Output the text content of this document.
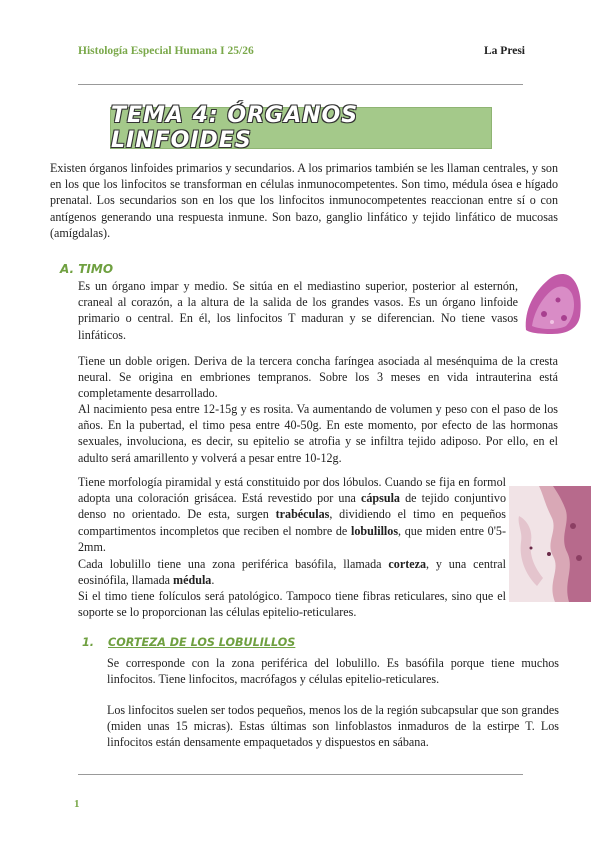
Histología Especial Humana I 25/26	La Presi
TEMA 4: ÓRGANOS LINFOIDES

Existen órganos linfoides primarios y secundarios. A los primarios también se les llaman centrales, y son en los que los linfocitos se transforman en células inmunocompetentes. Son timo, médula ósea e hígado prenatal. Los secundarios son en los que los linfocitos inmunocompetentes reaccionan entre sí o con antígenos generando una respuesta inmune. Son bazo, ganglio linfático y tejido linfático de mucosas (amígdalas).

A. TIMO

Es un órgano impar y medio. Se sitúa en el mediastino superior, posterior al esternón, craneal al corazón, a la altura de la salida de los grandes vasos. Es un órgano linfoide primario o central. En él, los linfocitos T maduran y se diferencian. No tiene vasos linfáticos.

Tiene un doble origen. Deriva de la tercera concha faríngea asociada al mesénquima de la cresta neural. Se origina en embriones tempranos. Sobre los 3 meses en vida intrauterina está completamente desarrollado.

Al nacimiento pesa entre 12-15g y es rosita. Va aumentando de volumen y peso con el paso de los años. En la pubertad, el timo pesa entre 40-50g. En este momento, por efecto de las hormonas sexuales, involuciona, es decir, su epitelio se atrofia y se infiltra tejido adiposo. Por ello, en el adulto será amarillento y volverá a pesar entre 10-12g.

Tiene morfología piramidal y está constituido por dos lóbulos. Cuando se fija en formol adopta una coloración grisácea. Está revestido por una cápsula de tejido conjuntivo denso no orientado. De esta, surgen trabéculas, dividiendo el timo en pequeños compartimentos incompletos que reciben el nombre de lobulillos, que miden entre 0'5-2mm.

Cada lobulillo tiene una zona periférica basófila, llamada corteza, y una central eosinófila, llamada médula.

Si el timo tiene folículos será patológico. Tampoco tiene fibras reticulares, sino que el soporte se lo proporcionan las células epitelio-reticulares.

1. CORTEZA DE LOS LOBULILLOS

Se corresponde con la zona periférica del lobulillo. Es basófila porque tiene muchos linfocitos. Tiene linfocitos, macrófagos y células epitelio-reticulares.

Los linfocitos suelen ser todos pequeños, menos los de la región subcapsular que son grandes (miden unas 15 micras). Estas últimas son linfoblastos inmaduros de la estirpe T. Los linfocitos están densamente empaquetados y dispuestos en sábana.

1
